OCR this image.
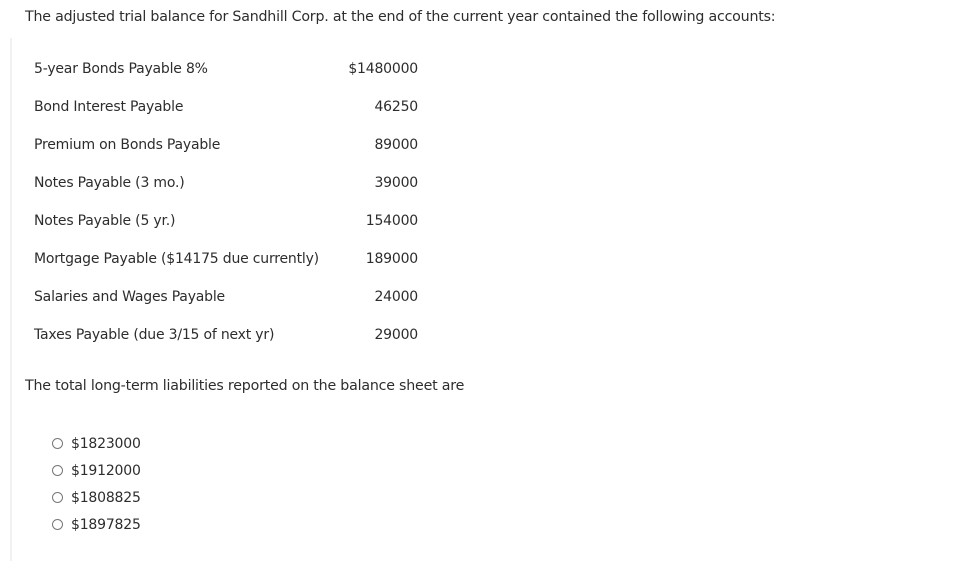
The adjusted trial balance for Sandhill Corp. at the end of the current year contained the following accounts:
5-year Bonds Payable 8%	$1480000
Bond Interest Payable	46250
Premium on Bonds Payable	89000
Notes Payable (3 mo.)	39000
Notes Payable (5 yr.)	154000
Mortgage Payable ($14175 due currently)	189000
Salaries and Wages Payable	24000
Taxes Payable (due 3/15 of next yr)	29000
The total long-term liabilities reported on the balance sheet are
$1823000
$1912000
$1808825
$1897825
